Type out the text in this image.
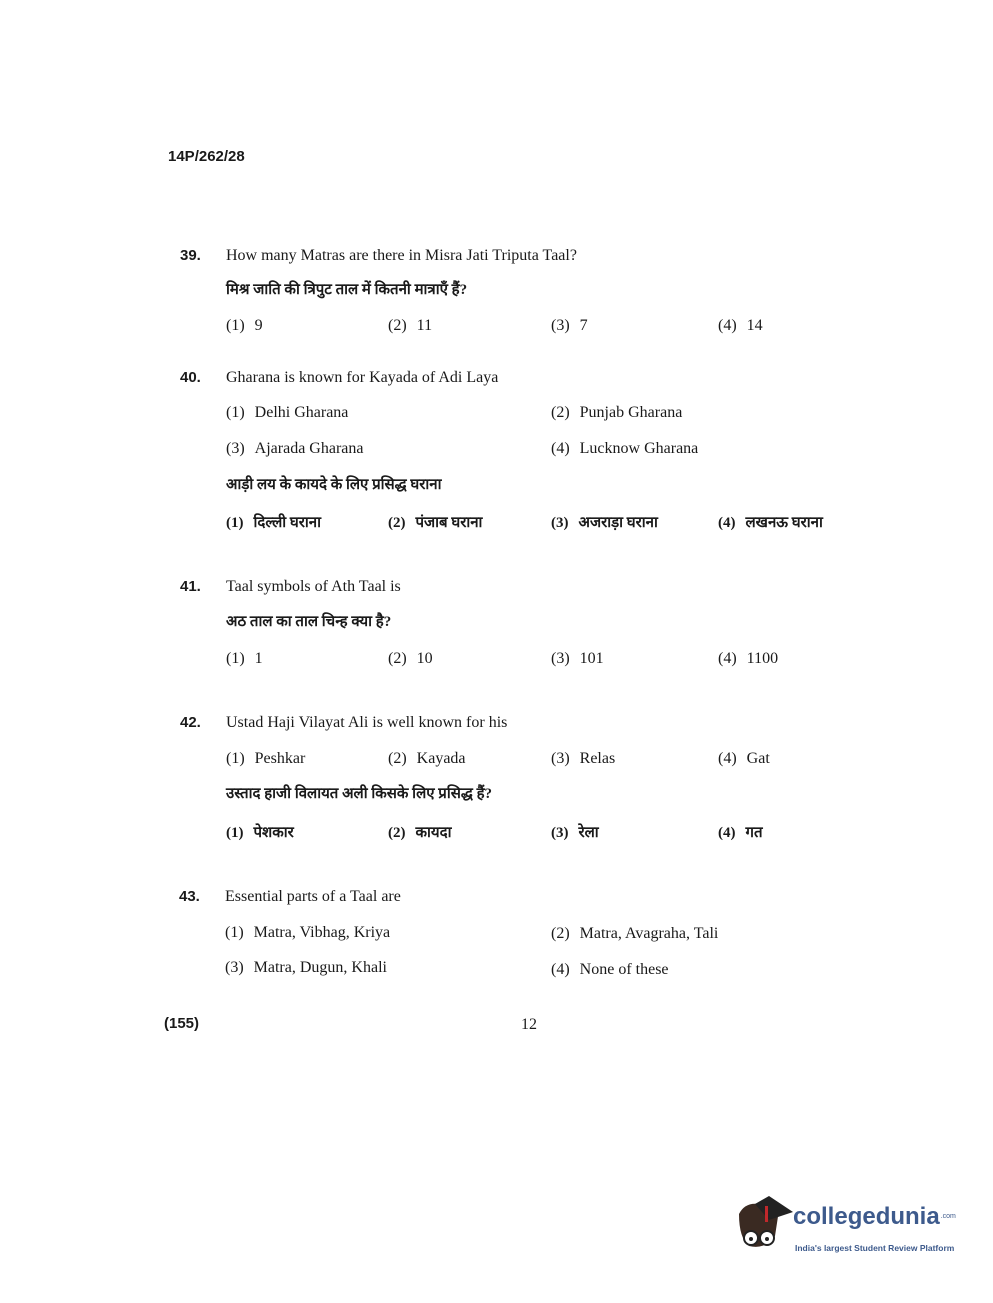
14P/262/28
39. How many Matras are there in Misra Jati Triputa Taal?
मिश्र जाति की त्रिपुट ताल में कितनी मात्राएँ हैं?
(1) 9	(2) 11	(3) 7	(4) 14
40. Gharana is known for Kayada of Adi Laya
(1) Delhi Gharana	(2) Punjab Gharana
(3) Ajarada Gharana	(4) Lucknow Gharana
आड़ी लय के कायदे के लिए प्रसिद्ध घराना
(1) दिल्ली घराना	(2) पंजाब घराना	(3) अजराड़ा घराना	(4) लखनऊ घराना
41. Taal symbols of Ath Taal is
अठ ताल का ताल चिन्ह क्या है?
(1) 1	(2) 10	(3) 101	(4) 1100
42. Ustad Haji Vilayat Ali is well known for his
(1) Peshkar	(2) Kayada	(3) Relas	(4) Gat
उस्ताद हाजी विलायत अली किसके लिए प्रसिद्ध हैं?
(1) पेशकार	(2) कायदा	(3) रेला	(4) गत
43. Essential parts of a Taal are
(1) Matra, Vibhag, Kriya	(2) Matra, Avagraha, Tali
(3) Matra, Dugun, Khali	(4) None of these
(155)	12
collegedunia$^{.com}$
India's largest Student Review Platform
